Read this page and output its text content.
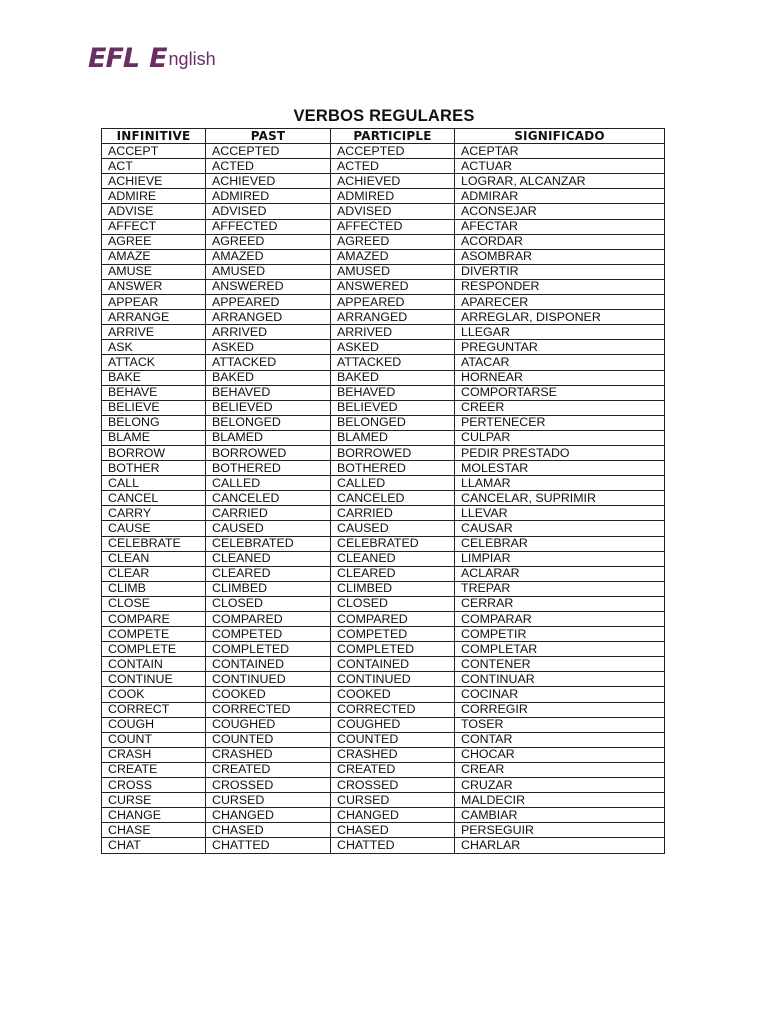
EFL E nglish
VERBOS REGULARES
INFINITIVE	PAST	PARTICIPLE	SIGNIFICADO
ACCEPT	ACCEPTED	ACCEPTED	ACEPTAR
ACT	ACTED	ACTED	ACTUAR
ACHIEVE	ACHIEVED	ACHIEVED	LOGRAR, ALCANZAR
ADMIRE	ADMIRED	ADMIRED	ADMIRAR
ADVISE	ADVISED	ADVISED	ACONSEJAR
AFFECT	AFFECTED	AFFECTED	AFECTAR
AGREE	AGREED	AGREED	ACORDAR
AMAZE	AMAZED	AMAZED	ASOMBRAR
AMUSE	AMUSED	AMUSED	DIVERTIR
ANSWER	ANSWERED	ANSWERED	RESPONDER
APPEAR	APPEARED	APPEARED	APARECER
ARRANGE	ARRANGED	ARRANGED	ARREGLAR, DISPONER
ARRIVE	ARRIVED	ARRIVED	LLEGAR
ASK	ASKED	ASKED	PREGUNTAR
ATTACK	ATTACKED	ATTACKED	ATACAR
BAKE	BAKED	BAKED	HORNEAR
BEHAVE	BEHAVED	BEHAVED	COMPORTARSE
BELIEVE	BELIEVED	BELIEVED	CREER
BELONG	BELONGED	BELONGED	PERTENECER
BLAME	BLAMED	BLAMED	CULPAR
BORROW	BORROWED	BORROWED	PEDIR PRESTADO
BOTHER	BOTHERED	BOTHERED	MOLESTAR
CALL	CALLED	CALLED	LLAMAR
CANCEL	CANCELED	CANCELED	CANCELAR, SUPRIMIR
CARRY	CARRIED	CARRIED	LLEVAR
CAUSE	CAUSED	CAUSED	CAUSAR
CELEBRATE	CELEBRATED	CELEBRATED	CELEBRAR
CLEAN	CLEANED	CLEANED	LIMPIAR
CLEAR	CLEARED	CLEARED	ACLARAR
CLIMB	CLIMBED	CLIMBED	TREPAR
CLOSE	CLOSED	CLOSED	CERRAR
COMPARE	COMPARED	COMPARED	COMPARAR
COMPETE	COMPETED	COMPETED	COMPETIR
COMPLETE	COMPLETED	COMPLETED	COMPLETAR
CONTAIN	CONTAINED	CONTAINED	CONTENER
CONTINUE	CONTINUED	CONTINUED	CONTINUAR
COOK	COOKED	COOKED	COCINAR
CORRECT	CORRECTED	CORRECTED	CORREGIR
COUGH	COUGHED	COUGHED	TOSER
COUNT	COUNTED	COUNTED	CONTAR
CRASH	CRASHED	CRASHED	CHOCAR
CREATE	CREATED	CREATED	CREAR
CROSS	CROSSED	CROSSED	CRUZAR
CURSE	CURSED	CURSED	MALDECIR
CHANGE	CHANGED	CHANGED	CAMBIAR
CHASE	CHASED	CHASED	PERSEGUIR
CHAT	CHATTED	CHATTED	CHARLAR
